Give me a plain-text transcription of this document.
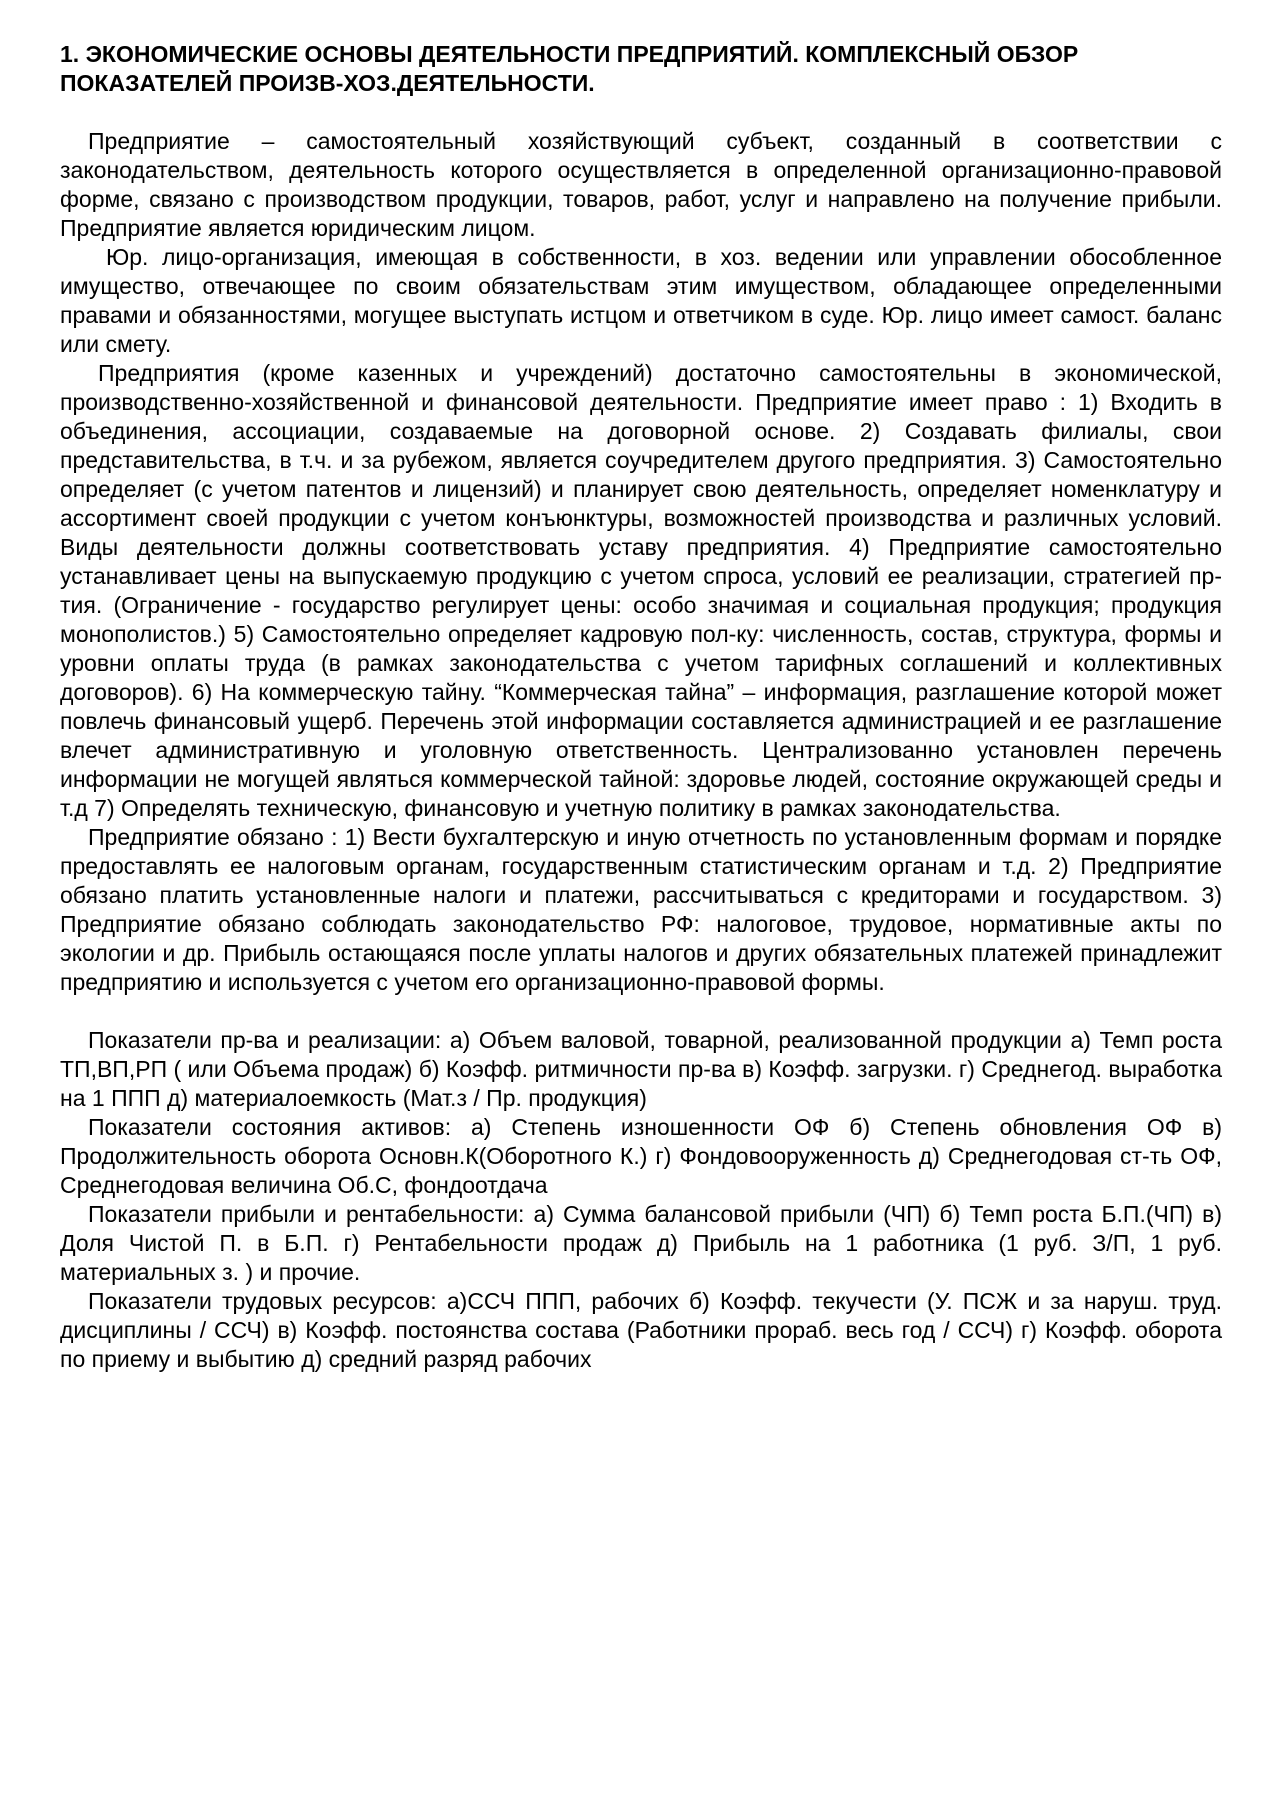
1. ЭКОНОМИЧЕСКИЕ ОСНОВЫ ДЕЯТЕЛЬНОСТИ ПРЕДПРИЯТИЙ. КОМПЛЕКСНЫЙ ОБЗОР ПОКАЗАТЕЛЕЙ ПРОИЗВ-ХОЗ.ДЕЯТЕЛЬНОСТИ.

Предприятие – самостоятельный хозяйствующий субъект, созданный в соответствии с законодательством, деятельность которого осуществляется в определенной организационно-правовой форме, связано с производством продукции, товаров, работ, услуг и направлено на получение прибыли. Предприятие является юридическим лицом.

Юр. лицо-организация, имеющая в собственности, в хоз. ведении или управлении обособленное имущество, отвечающее по своим обязательствам этим имуществом, обладающее определенными правами и обязанностями, могущее выступать истцом и ответчиком в суде. Юр. лицо имеет самост. баланс или смету.

Предприятия (кроме казенных и учреждений) достаточно самостоятельны в экономической, производственно-хозяйственной и финансовой деятельности. Предприятие имеет право : 1) Входить в объединения, ассоциации, создаваемые на договорной основе. 2) Создавать филиалы, свои представительства, в т.ч. и за рубежом, является соучредителем другого предприятия. 3) Самостоятельно определяет (с учетом патентов и лицензий) и планирует свою деятельность, определяет номенклатуру и ассортимент своей продукции с учетом конъюнктуры, возможностей производства и различных условий. Виды деятельности должны соответствовать уставу предприятия. 4) Предприятие самостоятельно устанавливает цены на выпускаемую продукцию с учетом спроса, условий ее реализации, стратегией пр-тия. (Ограничение - государство регулирует цены: особо значимая и социальная продукция; продукция монополистов.) 5) Самостоятельно определяет кадровую пол-ку: численность, состав, структура, формы и уровни оплаты труда (в рамках законодательства с учетом тарифных соглашений и коллективных договоров). 6) На коммерческую тайну. “Коммерческая тайна” – информация, разглашение которой может повлечь финансовый ущерб. Перечень этой информации составляется администрацией и ее разглашение влечет административную и уголовную ответственность. Централизованно установлен перечень информации не могущей являться коммерческой тайной: здоровье людей, состояние окружающей среды и т.д 7) Определять техническую, финансовую и учетную политику в рамках законодательства.

Предприятие обязано : 1) Вести бухгалтерскую и иную отчетность по установленным формам и порядке предоставлять ее налоговым органам, государственным статистическим органам и т.д. 2) Предприятие обязано платить установленные налоги и платежи, рассчитываться с кредиторами и государством. 3) Предприятие обязано соблюдать законодательство РФ: налоговое, трудовое, нормативные акты по экологии и др. Прибыль остающаяся после уплаты налогов и других обязательных платежей принадлежит предприятию и используется с учетом его организационно-правовой формы.

Показатели пр-ва и реализации: а) Объем валовой, товарной, реализованной продукции а) Темп роста ТП,ВП,РП ( или Объема продаж) б) Коэфф. ритмичности пр-ва в) Коэфф. загрузки. г) Среднегод. выработка на 1 ППП д) материалоемкость (Мат.з / Пр. продукция)

Показатели состояния активов: а) Степень изношенности ОФ б) Степень обновления ОФ в) Продолжительность оборота Основн.К(Оборотного К.) г) Фондовооруженность д) Среднегодовая ст-ть ОФ, Среднегодовая величина Об.С, фондоотдача

Показатели прибыли и рентабельности: а) Сумма балансовой прибыли (ЧП) б) Темп роста Б.П.(ЧП) в) Доля Чистой П. в Б.П. г) Рентабельности продаж д) Прибыль на 1 работника (1 руб. З/П, 1 руб. материальных з. ) и прочие.

Показатели трудовых ресурсов: а)ССЧ ППП, рабочих б) Коэфф. текучести (У. ПСЖ и за наруш. труд. дисциплины / ССЧ) в) Коэфф. постоянства состава (Работники прораб. весь год / ССЧ) г) Коэфф. оборота по приему и выбытию д) средний разряд рабочих
